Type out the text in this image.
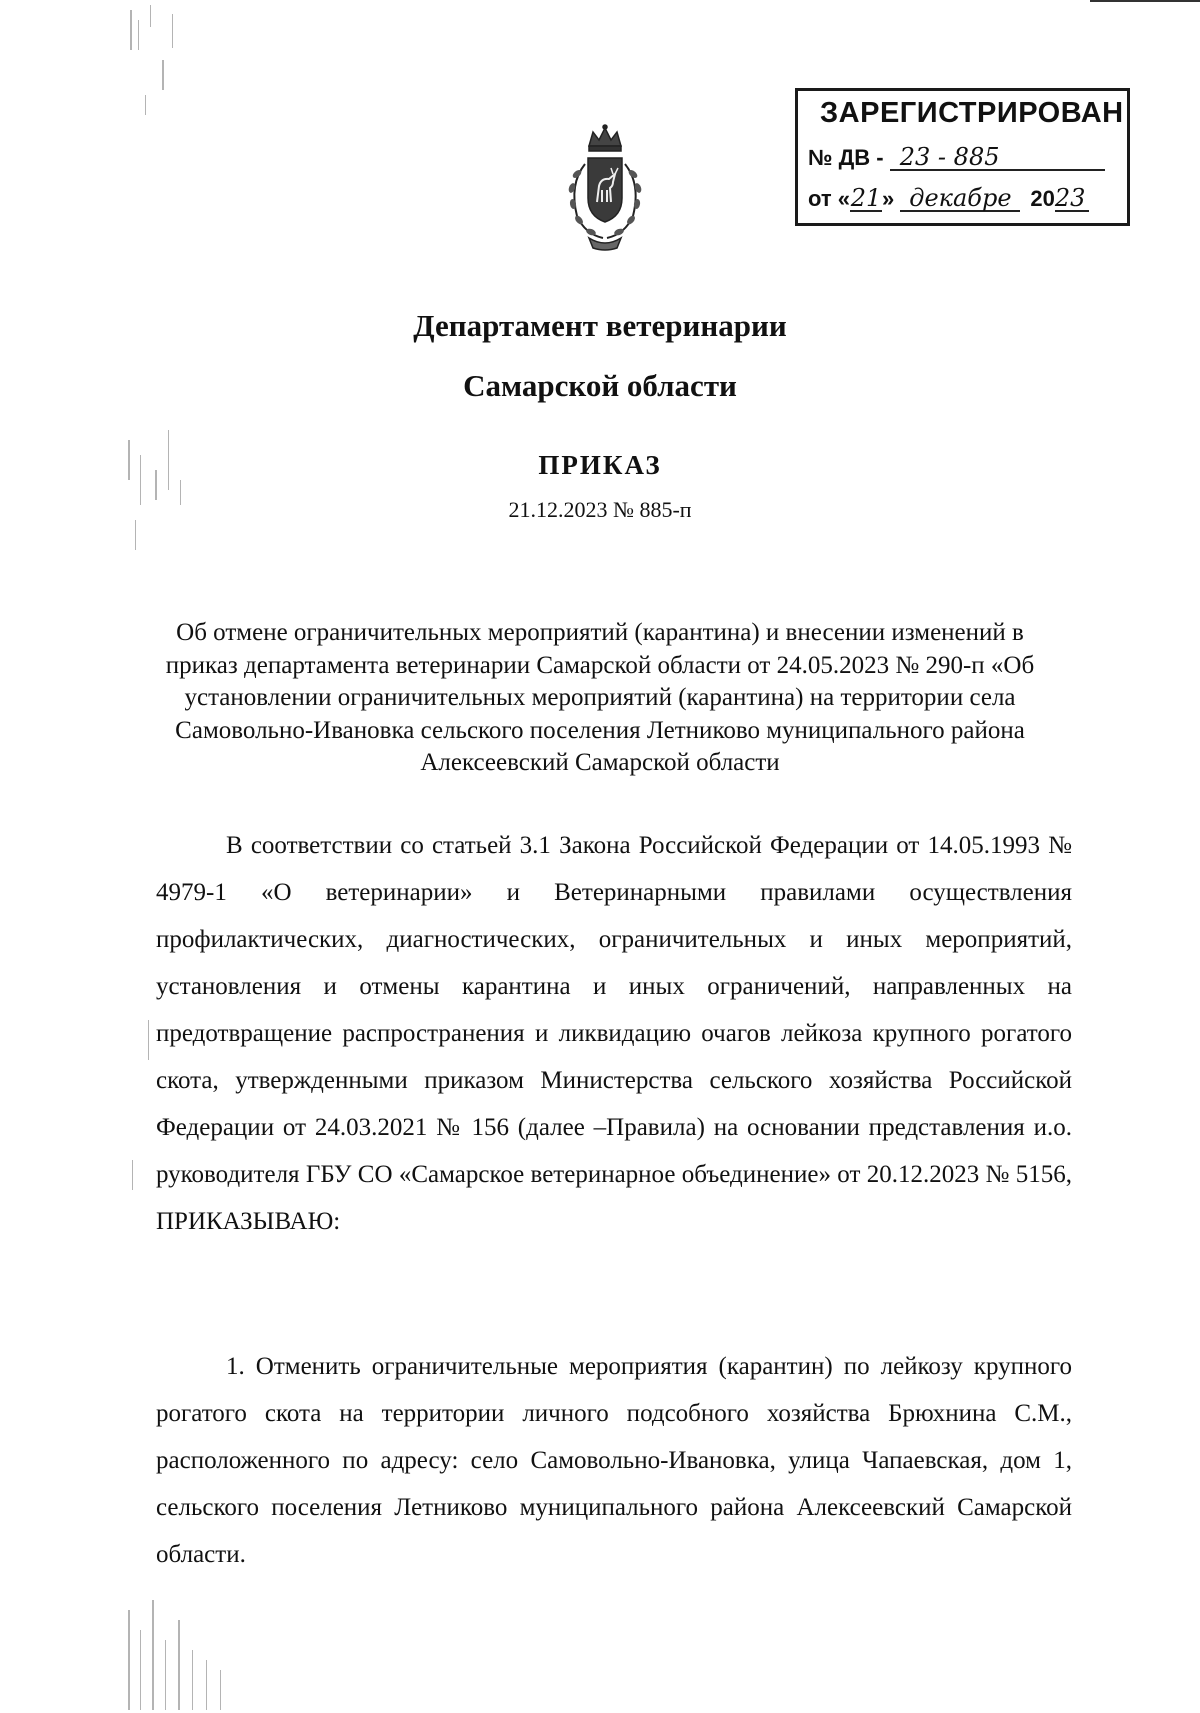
ЗАРЕГИСТРИРОВАН
№ ДВ - 23 - 885
от «21» декабре 2023
Департамент ветеринарии
Самарской области
ПРИКАЗ
21.12.2023 № 885-п
Об отмене ограничительных мероприятий (карантина) и внесении изменений в приказ департамента ветеринарии Самарской области от 24.05.2023 № 290-п «Об установлении ограничительных мероприятий (карантина) на территории села Самовольно-Ивановка сельского поселения Летниково муниципального района Алексеевский Самарской области
В соответствии со статьей 3.1 Закона Российской Федерации от 14.05.1993 № 4979-1 «О ветеринарии» и Ветеринарными правилами осуществления профилактических, диагностических, ограничительных и иных мероприятий, установления и отмены карантина и иных ограничений, направленных на предотвращение распространения и ликвидацию очагов лейкоза крупного рогатого скота, утвержденными приказом Министерства сельского хозяйства Российской Федерации от 24.03.2021 № 156 (далее –Правила) на основании представления и.о. руководителя ГБУ СО «Самарское ветеринарное объединение» от 20.12.2023 № 5156, ПРИКАЗЫВАЮ:
1. Отменить ограничительные мероприятия (карантин) по лейкозу крупного рогатого скота на территории личного подсобного хозяйства Брюхнина С.М., расположенного по адресу: село Самовольно-Ивановка, улица Чапаевская, дом 1, сельского поселения Летниково муниципального района Алексеевский Самарской области.
